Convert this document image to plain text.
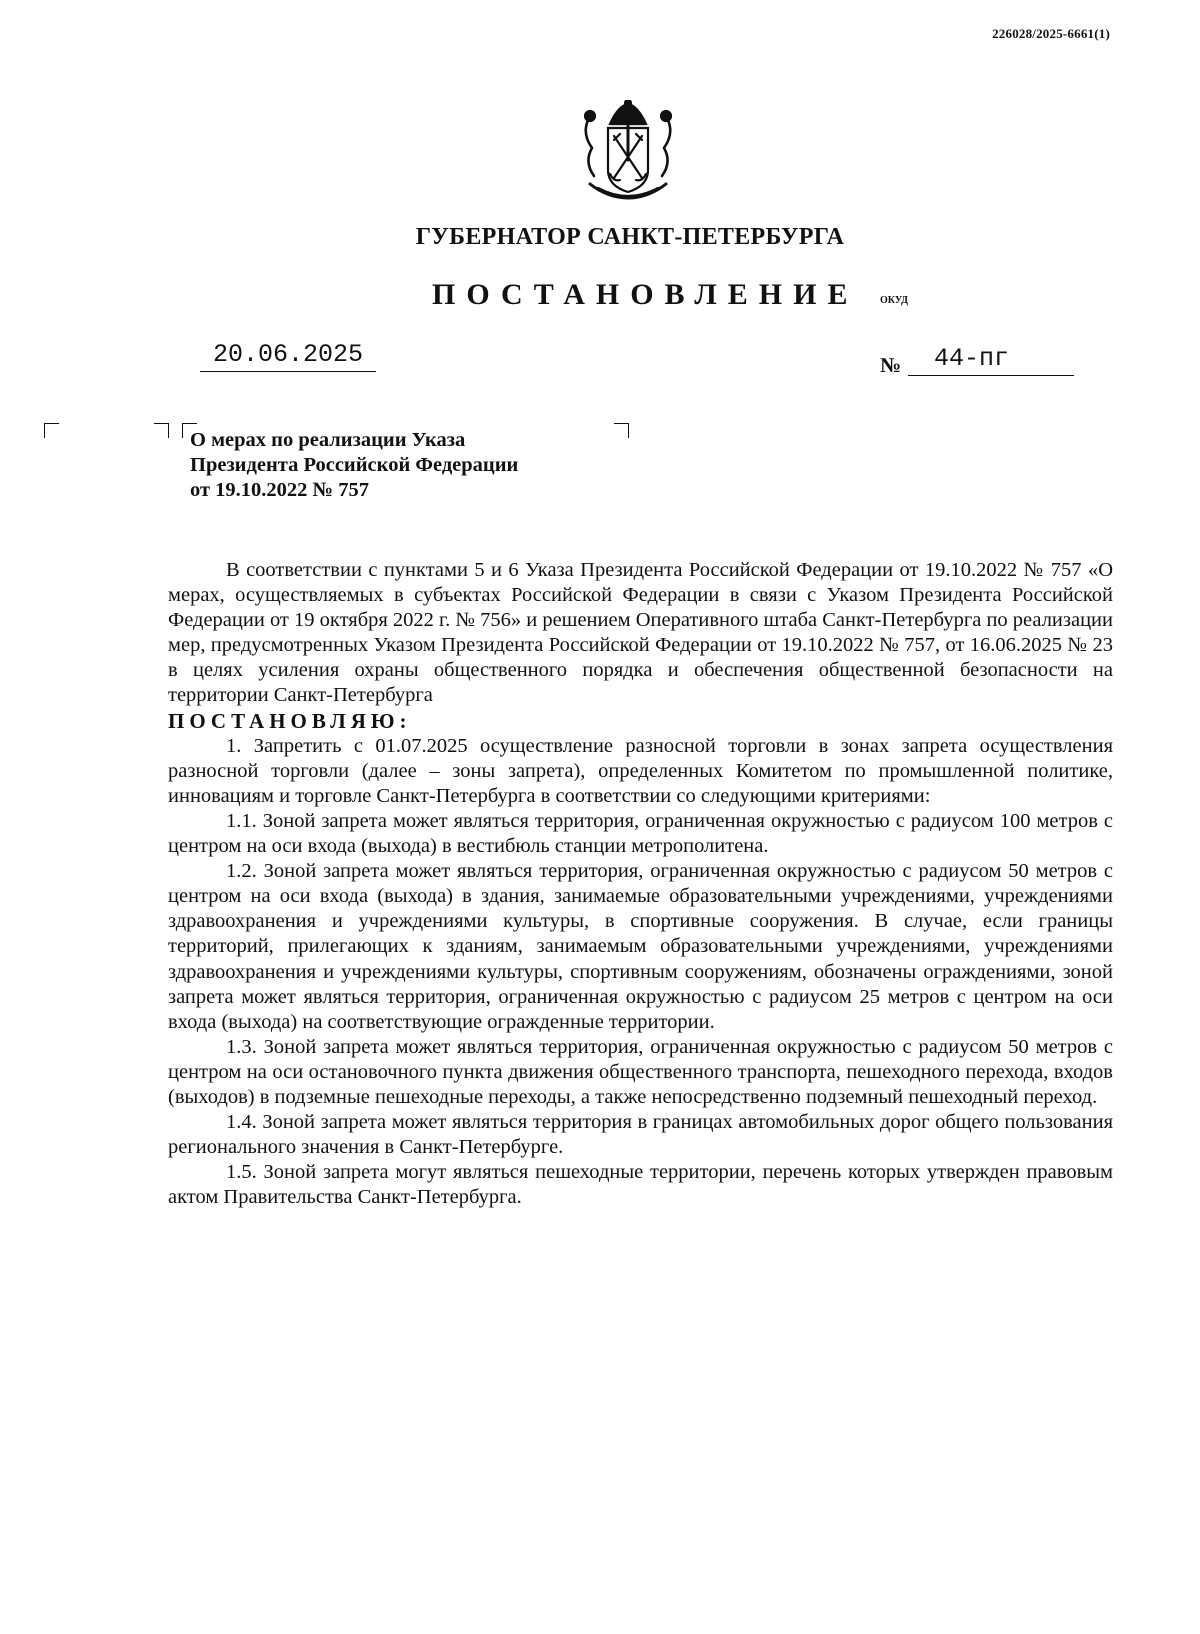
226028/2025-6661(1)
ГУБЕРНАТОР САНКТ-ПЕТЕРБУРГА
ПОСТАНОВЛЕНИЕ ОКУД
20.06.2025	№	44-пг
О мерах по реализации Указа
Президента Российской Федерации
от 19.10.2022 № 757

В соответствии с пунктами 5 и 6 Указа Президента Российской Федерации от 19.10.2022 № 757 «О мерах, осуществляемых в субъектах Российской Федерации в связи с Указом Президента Российской Федерации от 19 октября 2022 г. № 756» и решением Оперативного штаба Санкт-Петербурга по реализации мер, предусмотренных Указом Президента Российской Федерации от 19.10.2022 № 757, от 16.06.2025 № 23 в целях усиления охраны общественного порядка и обеспечения общественной безопасности на территории Санкт-Петербурга

ПОСТАНОВЛЯЮ:

1. Запретить с 01.07.2025 осуществление разносной торговли в зонах запрета осуществления разносной торговли (далее – зоны запрета), определенных Комитетом по промышленной политике, инновациям и торговле Санкт-Петербурга в соответствии со следующими критериями:

1.1. Зоной запрета может являться территория, ограниченная окружностью с радиусом 100 метров с центром на оси входа (выхода) в вестибюль станции метрополитена.

1.2. Зоной запрета может являться территория, ограниченная окружностью с радиусом 50 метров с центром на оси входа (выхода) в здания, занимаемые образовательными учреждениями, учреждениями здравоохранения и учреждениями культуры, в спортивные сооружения. В случае, если границы территорий, прилегающих к зданиям, занимаемым образовательными учреждениями, учреждениями здравоохранения и учреждениями культуры, спортивным сооружениям, обозначены ограждениями, зоной запрета может являться территория, ограниченная окружностью с радиусом 25 метров с центром на оси входа (выхода) на соответствующие огражденные территории.

1.3. Зоной запрета может являться территория, ограниченная окружностью с радиусом 50 метров с центром на оси остановочного пункта движения общественного транспорта, пешеходного перехода, входов (выходов) в подземные пешеходные переходы, а также непосредственно подземный пешеходный переход.

1.4. Зоной запрета может являться территория в границах автомобильных дорог общего пользования регионального значения в Санкт-Петербурге.

1.5. Зоной запрета могут являться пешеходные территории, перечень которых утвержден правовым актом Правительства Санкт-Петербурга.
